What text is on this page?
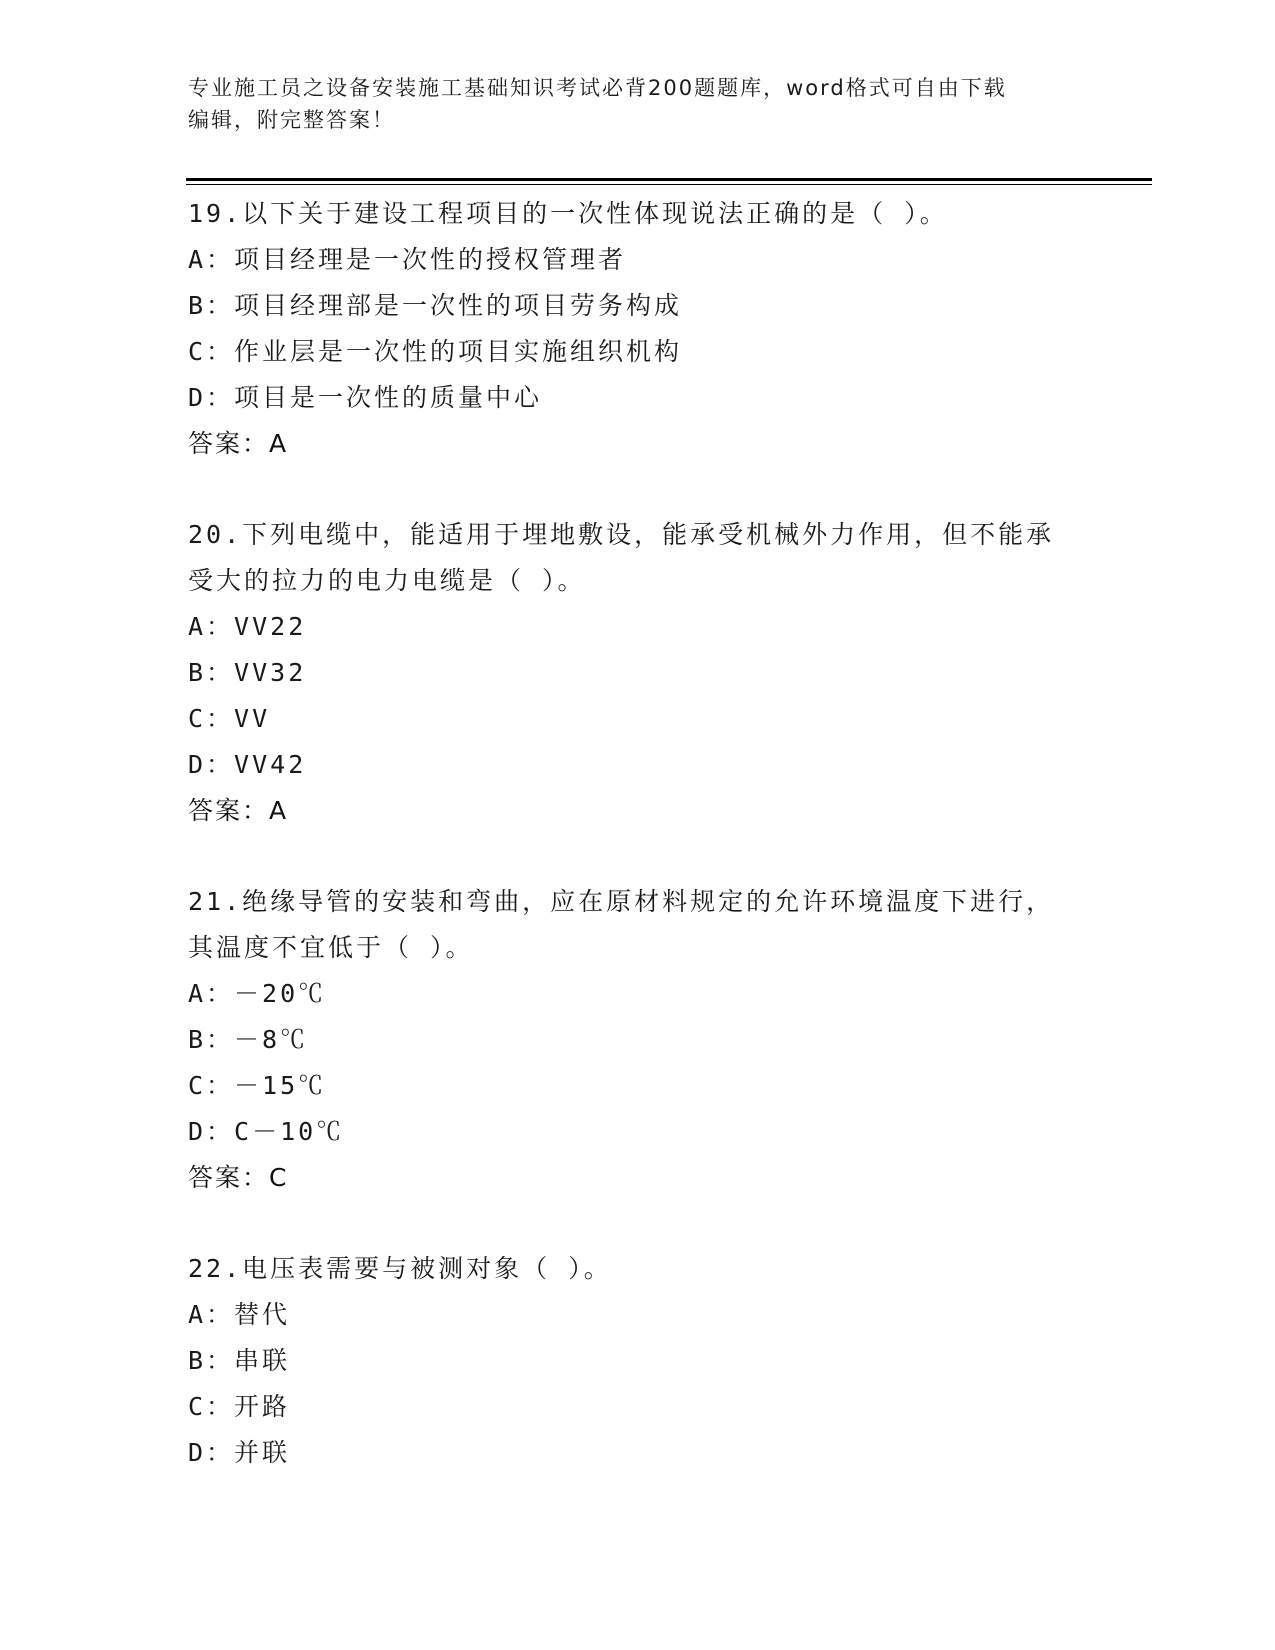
专业施工员之设备安装施工基础知识考试必背200题题库，word格式可自由下载
编辑，附完整答案！
19.以下关于建设工程项目的一次性体现说法正确的是（ ）。
A：项目经理是一次性的授权管理者
B：项目经理部是一次性的项目劳务构成
C：作业层是一次性的项目实施组织机构
D：项目是一次性的质量中心
答案：A
20.下列电缆中，能适用于埋地敷设，能承受机械外力作用，但不能承受大的拉力的电力电缆是（ ）。
A：VV22
B：VV32
C：VV
D：VV42
答案：A
21.绝缘导管的安装和弯曲，应在原材料规定的允许环境温度下进行，其温度不宜低于（ ）。
A：－20℃
B：－8℃
C：－15℃
D：C－10℃
答案：C
22.电压表需要与被测对象（ ）。
A：替代
B：串联
C：开路
D：并联
